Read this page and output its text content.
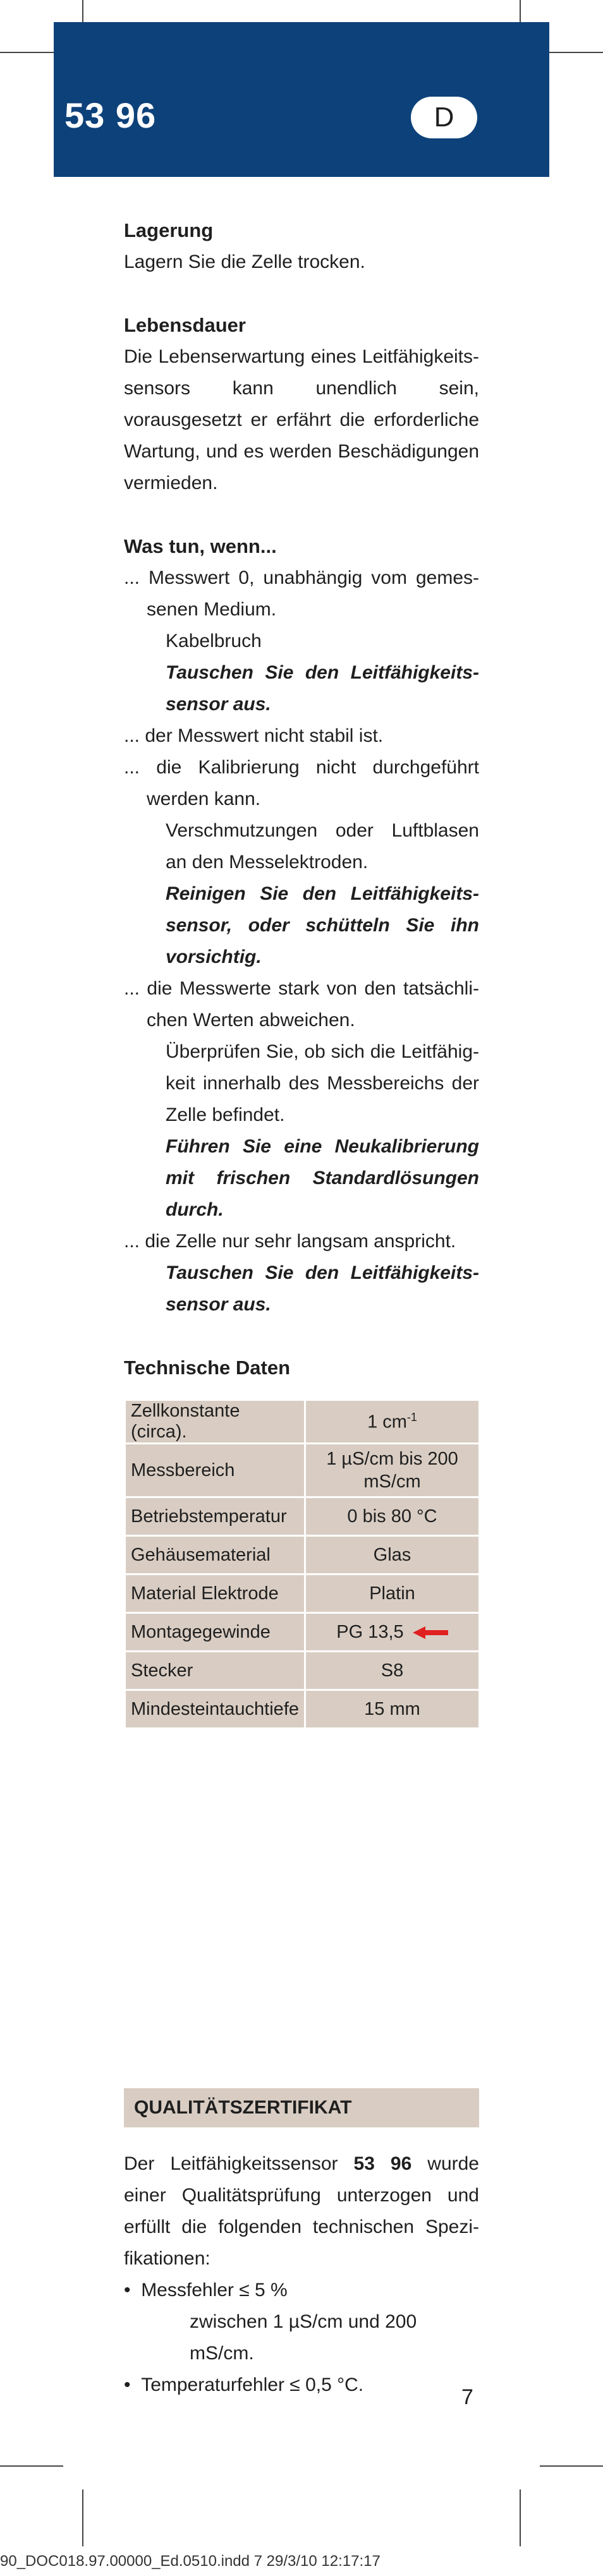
53 96	D

Lagerung

Lagern Sie die Zelle trocken.

Lebensdauer

Die Lebenserwartung eines Leitfähigkeits-sensors kann unendlich sein, vorausgesetzt er erfährt die erforderliche Wartung, und es werden Beschädigungen vermieden.

Was tun, wenn...

... Messwert 0, unabhängig vom gemes-senen Medium.

Kabelbruch

Tauschen Sie den Leitfähigkeits-sensor aus.

... der Messwert nicht stabil ist.

... die Kalibrierung nicht durchgeführt werden kann.

Verschmutzungen oder Luftblasen an den Messelektroden.

Reinigen Sie den Leitfähigkeits-sensor, oder schütteln Sie ihn vorsichtig.

... die Messwerte stark von den tatsächli-chen Werten abweichen.

Überprüfen Sie, ob sich die Leitfähig-keit innerhalb des Messbereichs der Zelle befindet.

Führen Sie eine Neukalibrierung mit frischen Standardlösungen durch.

... die Zelle nur sehr langsam anspricht.

Tauschen Sie den Leitfähigkeits-sensor aus.

Technische Daten

Zellkonstante (circa).	1 $cm^{-1}$
Messbereich	1 µS/cm bis 200 mS/cm
Betriebstemperatur	0 bis 80 °C
Gehäusematerial	Glas
Material Elektrode	Platin
Montagegewinde	PG 13,5
Stecker	S8
Mindesteintauchtiefe	15 mm
QUALITÄTSZERTIFIKAT

Der Leitfähigkeitssensor 53 96 wurde einer Qualitätsprüfung unterzogen und erfüllt die folgenden technischen Spezi-fikationen:

•  Messfehler ≤ 5 %

zwischen 1 µS/cm und 200 mS/cm.

•  Temperaturfehler ≤ 0,5 °C.

7
90_DOC018.97.00000_Ed.0510.indd 7 29/3/10 12:17:17
